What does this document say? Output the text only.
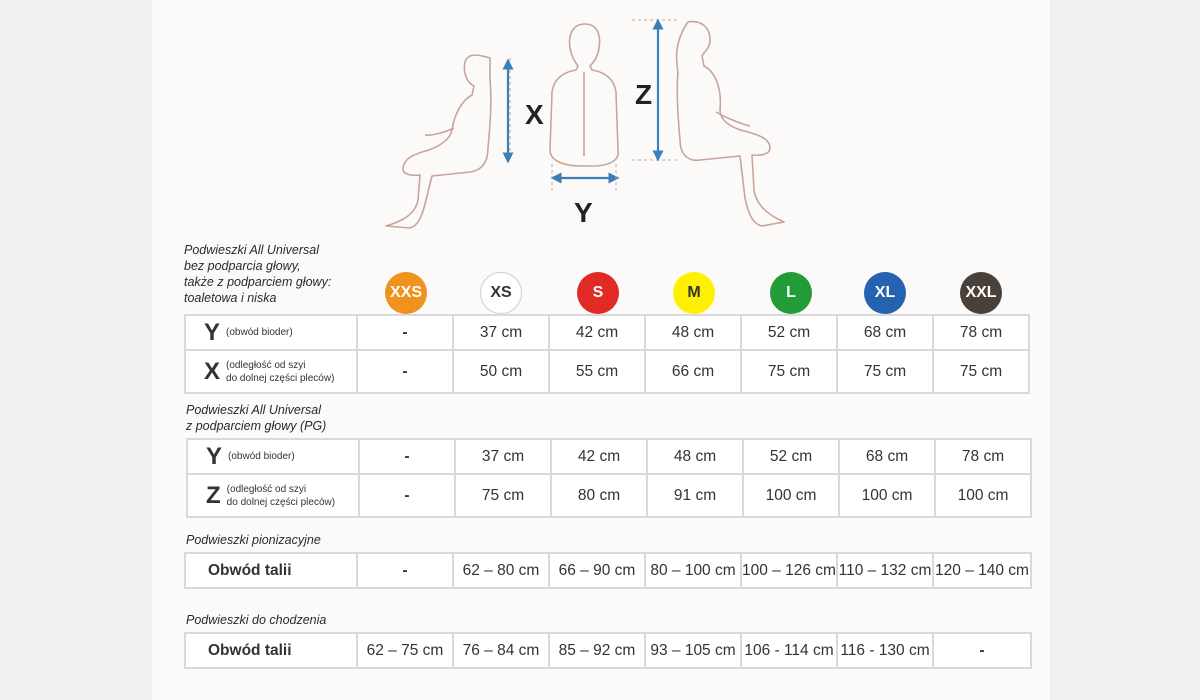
X
Y
Z
Podwieszki All Universal
bez podparcia głowy,
także z podparciem głowy:
toaletowa i niska	XXS	XS	S	M	L	XL	XXL
Y (obwód bioder)	-	37 cm	42 cm	48 cm	52 cm	68 cm	78 cm
X (odległość od szyi
do dolnej części pleców)	-	50 cm	55 cm	66 cm	75 cm	75 cm	75 cm
Podwieszki All Universal
z podparciem głowy (PG)
Y (obwód bioder)	-	37 cm	42 cm	48 cm	52 cm	68 cm	78 cm
Z (odległość od szyi
do dolnej części pleców)	-	75 cm	80 cm	91 cm	100 cm	100 cm	100 cm
Podwieszki pionizacyjne
Obwód talii	-	62 – 80 cm	66 – 90 cm	80 – 100 cm	100 – 126 cm	110 – 132 cm	120 – 140 cm
Podwieszki do chodzenia
Obwód talii	62 – 75 cm	76 – 84 cm	85 – 92 cm	93 – 105 cm	106 - 114 cm	116 - 130 cm	-
